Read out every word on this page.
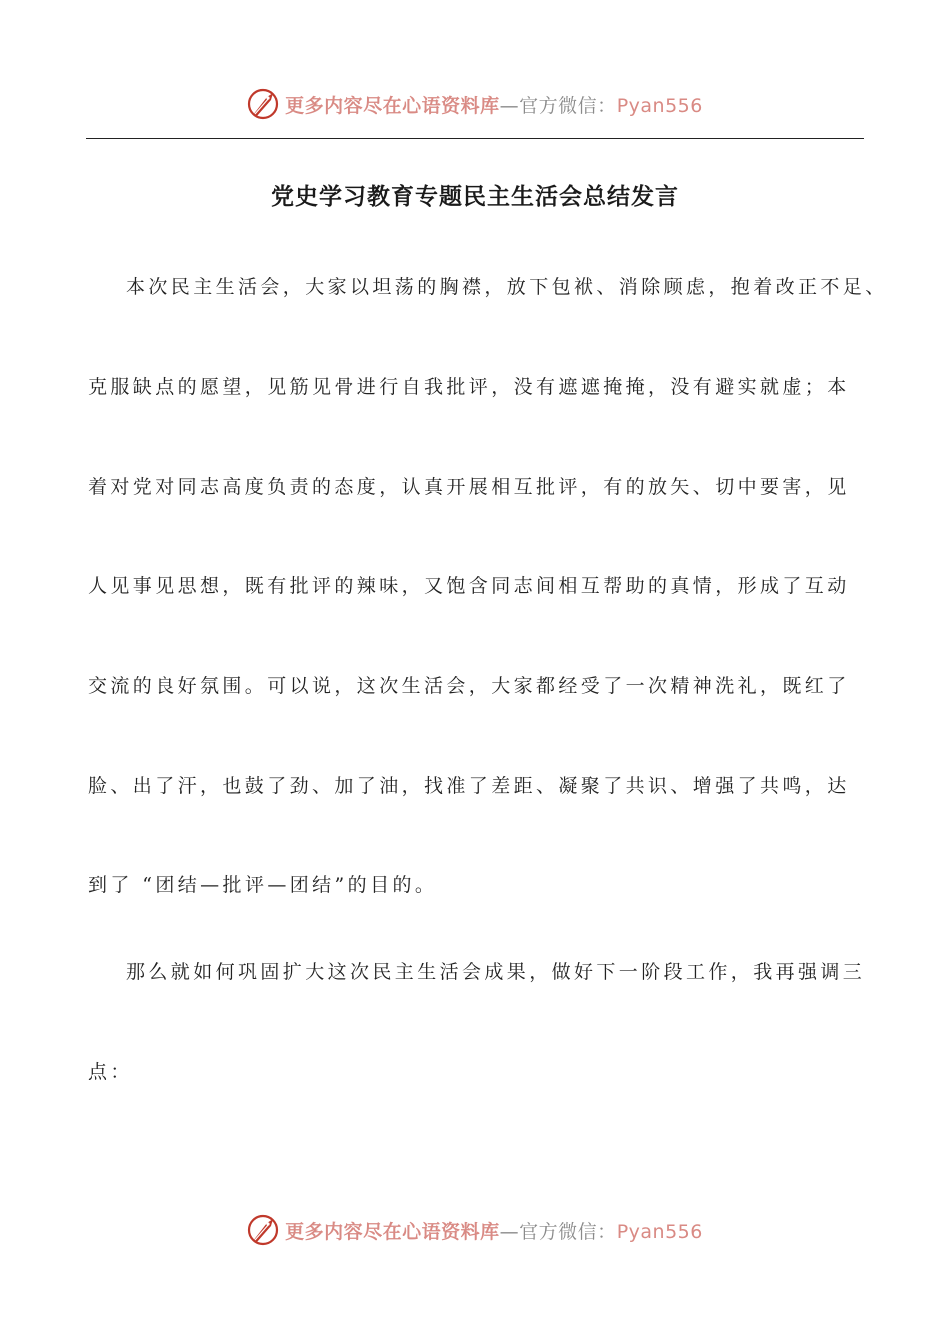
更多内容尽在心语资料库—官方微信：Pyan556
党史学习教育专题民主生活会总结发言
本次民主生活会，大家以坦荡的胸襟，放下包袱、消除顾虑，抱着改正不足、
克服缺点的愿望，见筋见骨进行自我批评，没有遮遮掩掩，没有避实就虚；本
着对党对同志高度负责的态度，认真开展相互批评，有的放矢、切中要害，见
人见事见思想，既有批评的辣味，又饱含同志间相互帮助的真情，形成了互动
交流的良好氛围。可以说，这次生活会，大家都经受了一次精神洗礼，既红了
脸、出了汗，也鼓了劲、加了油，找准了差距、凝聚了共识、增强了共鸣，达
到了 “团结—批评—团结”的目的。
那么就如何巩固扩大这次民主生活会成果，做好下一阶段工作，我再强调三
点：
更多内容尽在心语资料库—官方微信：Pyan556
